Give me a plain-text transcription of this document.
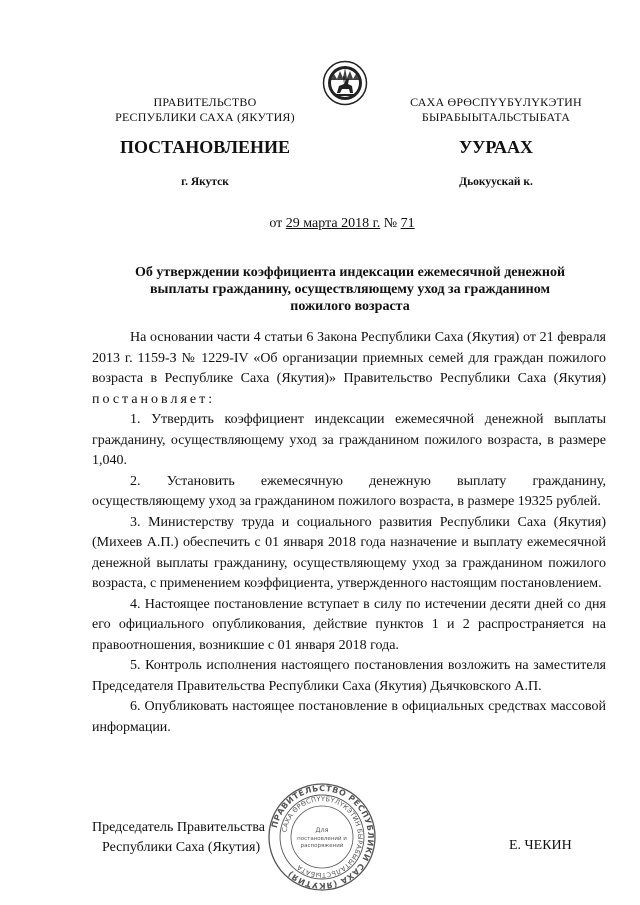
ПРАВИТЕЛЬСТВО
РЕСПУБЛИКИ САХА (ЯКУТИЯ)
САХА ӨРӨСПҮҮБҮЛҮКЭТИН
БЫРАБЫЫТАЛЬСТЫБАТА
ПОСТАНОВЛЕНИЕ	УУРААХ
г. Якутск	Дьокуускай к.
от 29 марта 2018 г. № 71
Об утверждении коэффициента индексации ежемесячной денежной
выплаты гражданину, осуществляющему уход за гражданином
пожилого возраста

На основании части 4 статьи 6 Закона Республики Саха (Якутия) от 21 февраля 2013 г. 1159-З № 1229-IV «Об организации приемных семей для граждан пожилого возраста в Республике Саха (Якутия)» Правительство Республики Саха (Якутия) постановляет:

1. Утвердить коэффициент индексации ежемесячной денежной выплаты гражданину, осуществляющему уход за гражданином пожилого возраста, в размере 1,040.

2. Установить ежемесячную денежную выплату гражданину, осуществляющему уход за гражданином пожилого возраста, в размере 19325 рублей.

3. Министерству труда и социального развития Республики Саха (Якутия) (Михеев А.П.) обеспечить с 01 января 2018 года назначение и выплату ежемесячной денежной выплаты гражданину, осуществляющему уход за гражданином пожилого возраста, с применением коэффициента, утвержденного настоящим постановлением.

4. Настоящее постановление вступает в силу по истечении десяти дней со дня его официального опубликования, действие пунктов 1 и 2 распространяется на правоотношения, возникшие с 01 января 2018 года.

5. Контроль исполнения настоящего постановления возложить на заместителя Председателя Правительства Республики Саха (Якутия) Дьячковского А.П.

6. Опубликовать настоящее постановление в официальных средствах массовой информации.

Председатель Правительства
Республики Саха (Якутия)
ПРАВИТЕЛЬСТВО РЕСПУБЛИКИ САХА (ЯКУТИЯ)
САХА ӨРӨСПҮҮБҮЛҮКЭТИН БЫРАБЫЫТАЛЬСТЫБАТА
Для
постановлений и
распоряжений	Е. ЧЕКИН
